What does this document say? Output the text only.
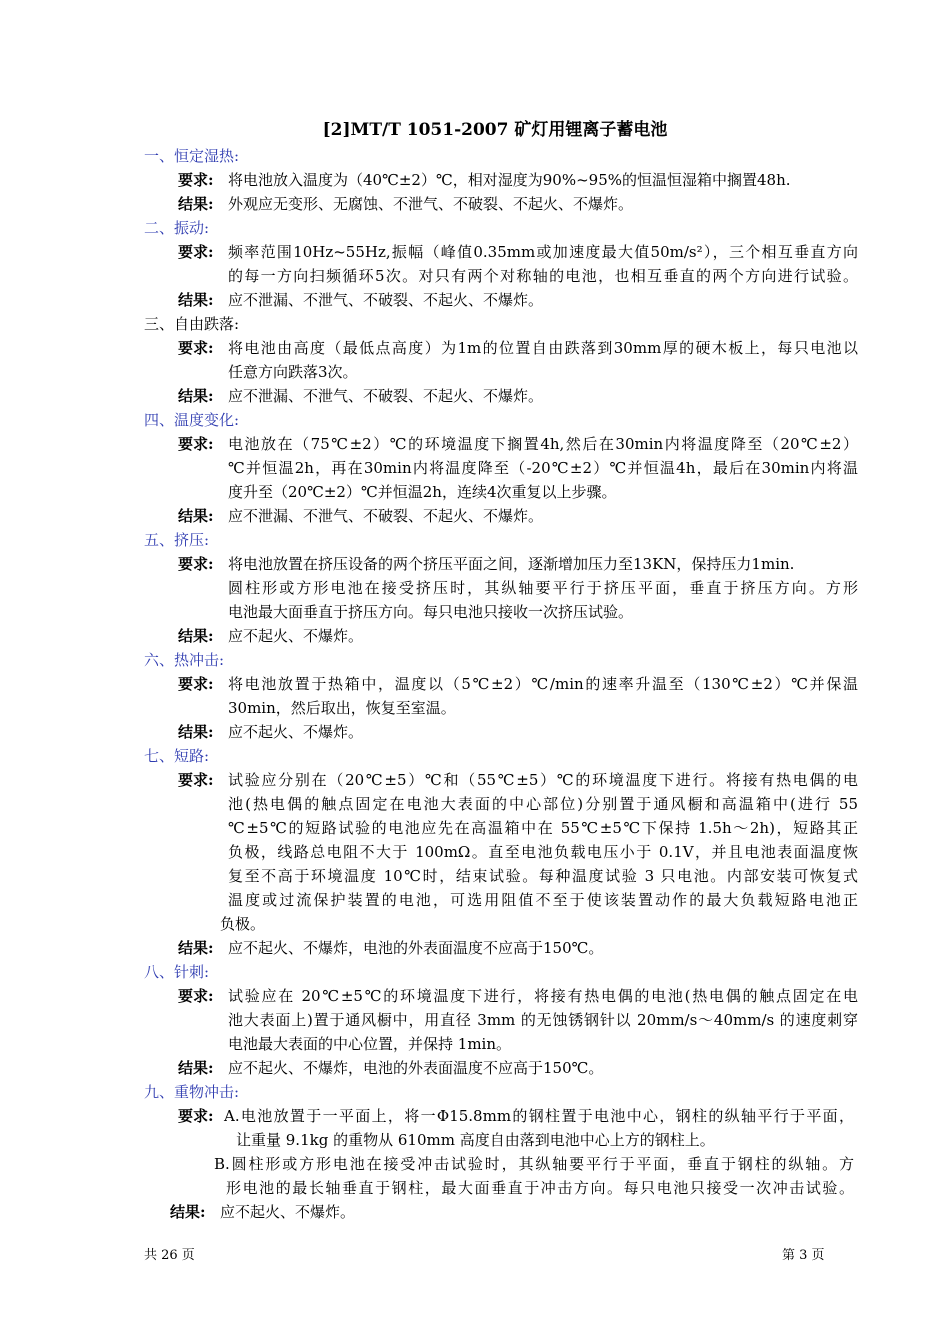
[2]MT/T 1051-2007 矿灯用锂离子蓄电池
一、恒定湿热:
要求: 将电池放入温度为（40℃±2）℃，相对湿度为90%~95%的恒温恒湿箱中搁置48h.
结果: 外观应无变形、无腐蚀、不泄气、不破裂、不起火、不爆炸。
二、振动:
要求: 频率范围10Hz~55Hz,振幅（峰值0.35mm或加速度最大值50m/s²），三个相互垂直方向
的每一方向扫频循环5次。对只有两个对称轴的电池，也相互垂直的两个方向进行试验。
结果: 应不泄漏、不泄气、不破裂、不起火、不爆炸。
三、自由跌落:
要求: 将电池由高度（最低点高度）为1m的位置自由跌落到30mm厚的硬木板上，每只电池以
任意方向跌落3次。
结果: 应不泄漏、不泄气、不破裂、不起火、不爆炸。
四、温度变化:
要求: 电池放在（75℃±2）℃的环境温度下搁置4h,然后在30min内将温度降至（20℃±2）
℃并恒温2h，再在30min内将温度降至（-20℃±2）℃并恒温4h，最后在30min内将温
度升至（20℃±2）℃并恒温2h，连续4次重复以上步骤。
结果: 应不泄漏、不泄气、不破裂、不起火、不爆炸。
五、挤压:
要求: 将电池放置在挤压设备的两个挤压平面之间，逐渐增加压力至13KN，保持压力1min.
圆柱形或方形电池在接受挤压时，其纵轴要平行于挤压平面，垂直于挤压方向。方形
电池最大面垂直于挤压方向。每只电池只接收一次挤压试验。
结果: 应不起火、不爆炸。
六、热冲击:
要求: 将电池放置于热箱中，温度以（5℃±2）℃/min的速率升温至（130℃±2）℃并保温
30min，然后取出，恢复至室温。
结果: 应不起火、不爆炸。
七、短路:
要求: 试验应分别在（20℃±5）℃和（55℃±5）℃的环境温度下进行。将接有热电偶的电
池(热电偶的触点固定在电池大表面的中心部位)分别置于通风橱和高温箱中(进行 55
℃±5℃的短路试验的电池应先在高温箱中在 55℃±5℃下保持 1.5h～2h)，短路其正
负极，线路总电阻不大于 100mΩ。直至电池负载电压小于 0.1V，并且电池表面温度恢
复至不高于环境温度 10℃时，结束试验。每种温度试验 3 只电池。内部安装可恢复式
温度或过流保护装置的电池，可选用阻值不至于使该装置动作的最大负载短路电池正
负极。
结果: 应不起火、不爆炸，电池的外表面温度不应高于150℃。
八、针刺:
要求: 试验应在 20℃±5℃的环境温度下进行，将接有热电偶的电池(热电偶的触点固定在电
池大表面上)置于通风橱中，用直径 3mm 的无蚀锈钢针以 20mm/s～40mm/s 的速度刺穿
电池最大表面的中心位置，并保持 1min。
结果: 应不起火、不爆炸，电池的外表面温度不应高于150℃。
九、重物冲击:
要求: A.电池放置于一平面上，将一Φ15.8mm的钢柱置于电池中心，钢柱的纵轴平行于平面，
让重量 9.1kg 的重物从 610mm 高度自由落到电池中心上方的钢柱上。
B.圆柱形或方形电池在接受冲击试验时，其纵轴要平行于平面，垂直于钢柱的纵轴。方
形电池的最长轴垂直于钢柱，最大面垂直于冲击方向。每只电池只接受一次冲击试验。
结果: 应不起火、不爆炸。
共 26 页	第 3 页
